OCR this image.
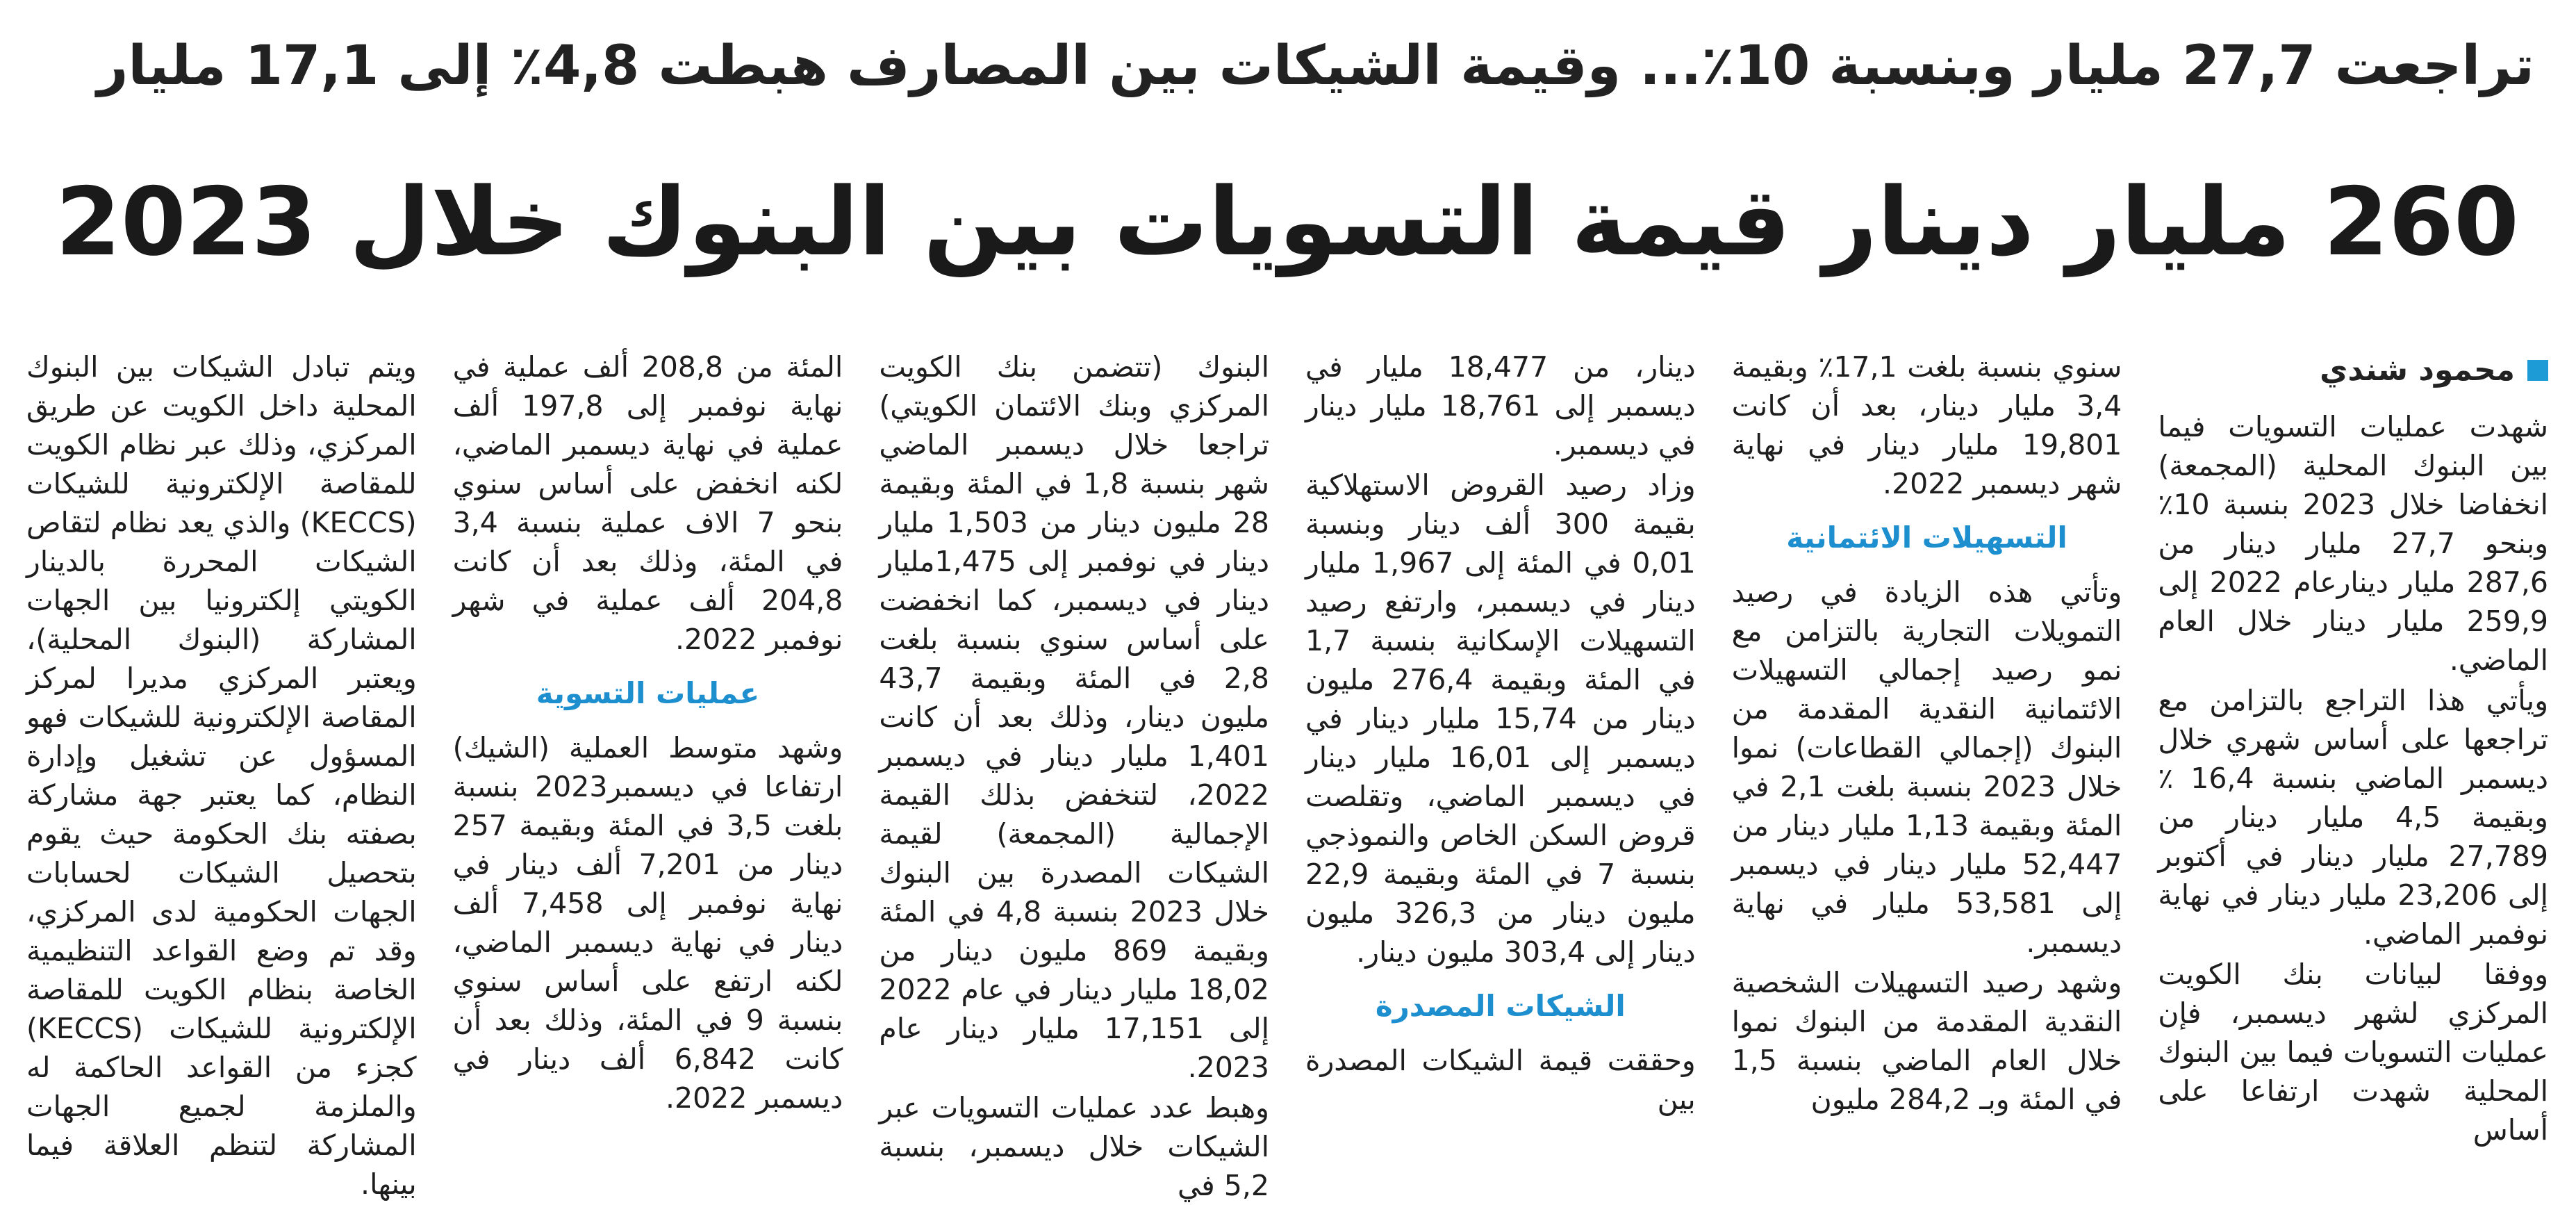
تراجعت 27,7 مليار وبنسبة 10٪... وقيمة الشيكات بين المصارف هبطت 4,8٪ إلى 17,1 مليار
260 مليار دينار قيمة التسويات بين البنوك خلال 2023
محمود شندي

شهدت عمليات التسويات فيما بين البنوك المحلية (المجمعة) انخفاضا خلال 2023 بنسبة 10٪ وبنحو 27,7 مليار دينار من 287,6 مليار دينارعام 2022 إلى 259,9 مليار دينار خلال العام الماضي.

ويأتي هذا التراجع بالتزامن مع تراجعها على أساس شهري خلال ديسمبر الماضي بنسبة 16,4 ٪ وبقيمة 4,5 مليار دينار من 27,789 مليار دينار في أكتوبر إلى 23,206 مليار دينار في نهاية نوفمبر الماضي.

ووفقا لبيانات بنك الكويت المركزي لشهر ديسمبر، فإن عمليات التسويات فيما بين البنوك المحلية شهدت ارتفاعا على أساس

سنوي بنسبة بلغت 17,1٪ وبقيمة 3,4 مليار دينار، بعد أن كانت 19,801 مليار دينار في نهاية شهر ديسمبر 2022.

التسهيلات الائتمانية

وتأتي هذه الزيادة في رصيد التمويلات التجارية بالتزامن مع نمو رصيد إجمالي التسهيلات الائتمانية النقدية المقدمة من البنوك (إجمالي القطاعات) نموا خلال 2023 بنسبة بلغت 2,1 في المئة وبقيمة 1,13 مليار دينار من 52,447 مليار دينار في ديسمبر إلى 53,581 مليار في نهاية ديسمبر.

وشهد رصيد التسهيلات الشخصية النقدية المقدمة من البنوك نموا خلال العام الماضي بنسبة 1,5 في المئة وبـ 284,2 مليون

دينار، من 18,477 مليار في ديسمبر إلى 18,761 مليار دينار في ديسمبر.

وزاد رصيد القروض الاستهلاكية بقيمة 300 ألف دينار وبنسبة 0,01 في المئة إلى 1,967 مليار دينار في ديسمبر، وارتفع رصيد التسهيلات الإسكانية بنسبة 1,7 في المئة وبقيمة 276,4 مليون دينار من 15,74 مليار دينار في ديسمبر إلى 16,01 مليار دينار في ديسمبر الماضي، وتقلصت قروض السكن الخاص والنموذجي بنسبة 7 في المئة وبقيمة 22,9 مليون دينار من 326,3 مليون دينار إلى 303,4 مليون دينار.

الشيكات المصدرة

وحققت قيمة الشيكات المصدرة بين

البنوك (تتضمن بنك الكويت المركزي وبنك الائتمان الكويتي) تراجعا خلال ديسمبر الماضي شهر بنسبة 1,8 في المئة وبقيمة 28 مليون دينار من 1,503 مليار دينار في نوفمبر إلى 1,475مليار دينار في ديسمبر، كما انخفضت على أساس سنوي بنسبة بلغت 2,8 في المئة وبقيمة 43,7 مليون دينار، وذلك بعد أن كانت 1,401 مليار دينار في ديسمبر 2022، لتنخفض بذلك القيمة الإجمالية (المجمعة) لقيمة الشيكات المصدرة بين البنوك خلال 2023 بنسبة 4,8 في المئة وبقيمة 869 مليون دينار من 18,02 مليار دينار في عام 2022 إلى 17,151 مليار دينار عام 2023.

وهبط عدد عمليات التسويات عبر الشيكات خلال ديسمبر، بنسبة 5,2 في

المئة من 208,8 ألف عملية في نهاية نوفمبر إلى 197,8 ألف عملية في نهاية ديسمبر الماضي، لكنه انخفض على أساس سنوي بنحو 7 الاف عملية بنسبة 3,4 في المئة، وذلك بعد أن كانت 204,8 ألف عملية في شهر نوفمبر 2022.

عمليات التسوية

وشهد متوسط العملية (الشيك) ارتفاعا في ديسمبر2023 بنسبة بلغت 3,5 في المئة وبقيمة 257 دينار من 7,201 ألف دينار في نهاية نوفمبر إلى 7,458 ألف دينار في نهاية ديسمبر الماضي، لكنه ارتفع على أساس سنوي بنسبة 9 في المئة، وذلك بعد أن كانت 6,842 ألف دينار في ديسمبر 2022.

ويتم تبادل الشيكات بين البنوك المحلية داخل الكويت عن طريق المركزي، وذلك عبر نظام الكويت للمقاصة الإلكترونية للشيكات (KECCS) والذي يعد نظام لتقاص الشيكات المحررة بالدينار الكويتي إلكترونيا بين الجهات المشاركة (البنوك المحلية)، ويعتبر المركزي مديرا لمركز المقاصة الإلكترونية للشيكات فهو المسؤول عن تشغيل وإدارة النظام، كما يعتبر جهة مشاركة بصفته بنك الحكومة حيث يقوم بتحصيل الشيكات لحسابات الجهات الحكومية لدى المركزي، وقد تم وضع القواعد التنظيمية الخاصة بنظام الكويت للمقاصة الإلكترونية للشيكات (KECCS) كجزء من القواعد الحاكمة له والملزمة لجميع الجهات المشاركة لتنظم العلاقة فيما بينها.
